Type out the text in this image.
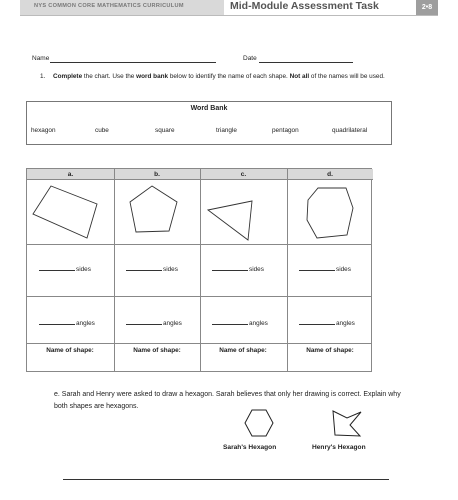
NYS COMMON CORE MATHEMATICS CURRICULUM	Mid-Module Assessment Task	2•8
Name	Date
1. Complete the chart. Use the word bank below to identify the name of each shape. Not all of the names will be used.
Word Bank
hexagon	cube	square	triangle	pentagon	quadrilateral
a.	b.	c.	d.
sides	sides	sides	sides
angles	angles	angles	angles
Name of shape:	Name of shape:	Name of shape:	Name of shape:
e. Sarah and Henry were asked to draw a hexagon. Sarah believes that only her drawing is correct. Explain why both shapes are hexagons.
Sarah's Hexagon	Henry's Hexagon
